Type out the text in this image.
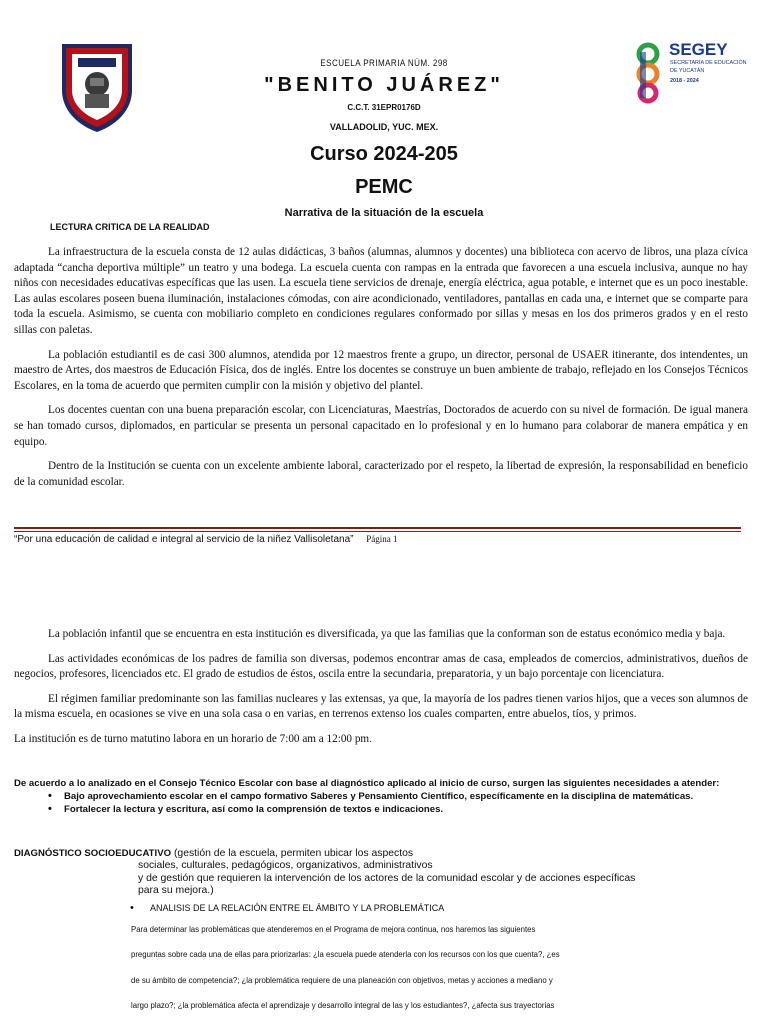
SEGEY
SECRETARÍA DE EDUCACIÓN
DE YUCATÁN
2018 - 2024
ESCUELA PRIMARIA NÚM. 298
"BENITO JUÁREZ"
C.C.T. 31EPR0176D
VALLADOLID, YUC. MEX.
Curso 2024-205
PEMC
Narrativa de la situación de la escuela
LECTURA CRITICA DE LA REALIDAD

La infraestructura de la escuela consta de 12 aulas didácticas, 3 baños (alumnas, alumnos y docentes) una biblioteca con acervo de libros, una plaza cívica adaptada “cancha deportiva múltiple” un teatro y una bodega. La escuela cuenta con rampas en la entrada que favorecen a una escuela inclusiva, aunque no hay niños con necesidades educativas específicas que las usen. La escuela tiene servicios de drenaje, energía eléctrica, agua potable, e internet que es un poco inestable. Las aulas escolares poseen buena iluminación, instalaciones cómodas, con aire acondicionado, ventiladores, pantallas en cada una, e internet que se comparte para toda la escuela. Asimismo, se cuenta con mobiliario completo en condiciones regulares conformado por sillas y mesas en los dos primeros grados y en el resto sillas con paletas.

La población estudiantil es de casi 300 alumnos, atendida por 12 maestros frente a grupo, un director, personal de USAER itinerante, dos intendentes, un maestro de Artes, dos maestros de Educación Física, dos de inglés. Entre los docentes se construye un buen ambiente de trabajo, reflejado en los Consejos Técnicos Escolares, en la toma de acuerdo que permiten cumplir con la misión y objetivo del plantel.

Los docentes cuentan con una buena preparación escolar, con Licenciaturas, Maestrías, Doctorados de acuerdo con su nivel de formación. De igual manera se han tomado cursos, diplomados, en particular se presenta un personal capacitado en lo profesional y en lo humano para colaborar de manera empática y en equipo.

Dentro de la Institución se cuenta con un excelente ambiente laboral, caracterizado por el respeto, la libertad de expresión, la responsabilidad en beneficio de la comunidad escolar.

“Por una educación de calidad e integral al servicio de la niñez Vallisoletana” Página 1

La población infantil que se encuentra en esta institución es diversificada, ya que las familias que la conforman son de estatus económico media y baja.

Las actividades económicas de los padres de familia son diversas, podemos encontrar amas de casa, empleados de comercios, administrativos, dueños de negocios, profesores, licenciados etc. El grado de estudios de éstos, oscila entre la secundaria, preparatoria, y un bajo porcentaje con licenciatura.

El régimen familiar predominante son las familias nucleares y las extensas, ya que, la mayoría de los padres tienen varios hijos, que a veces son alumnos de la misma escuela, en ocasiones se vive en una sola casa o en varias, en terrenos extenso los cuales comparten, entre abuelos, tíos, y primos.

La institución es de turno matutino labora en un horario de 7:00 am a 12:00 pm.

De acuerdo a lo analizado en el Consejo Técnico Escolar con base al diagnóstico aplicado al inicio de curso, surgen las siguientes necesidades a atender:
• Bajo aprovechamiento escolar en el campo formativo Saberes y Pensamiento Científico, específicamente en la disciplina de matemáticas.
• Fortalecer la lectura y escritura, así como la comprensión de textos e indicaciones.
DIAGNÓSTICO SOCIOEDUCATIVO (gestión de la escuela, permiten ubicar los aspectos
sociales, culturales, pedagógicos, organizativos, administrativos
y de gestión que requieren la intervención de los actores de la comunidad escolar y de acciones específicas
para su mejora.)
• ANALISIS DE LA RELACIÓN ENTRE EL ÁMBITO Y LA PROBLEMÁTICA
Para determinar las problemáticas que atenderemos en el Programa de mejora continua, nos haremos las siguientes
preguntas sobre cada una de ellas para priorizarlas: ¿la escuela puede atenderla con los recursos con los que cuenta?, ¿es
de su ámbito de competencia?; ¿la problemática requiere de una planeación con objetivos, metas y acciones a mediano y
largo plazo?; ¿la problemática afecta el aprendizaje y desarrollo integral de las y los estudiantes?, ¿afecta sus trayectorias
